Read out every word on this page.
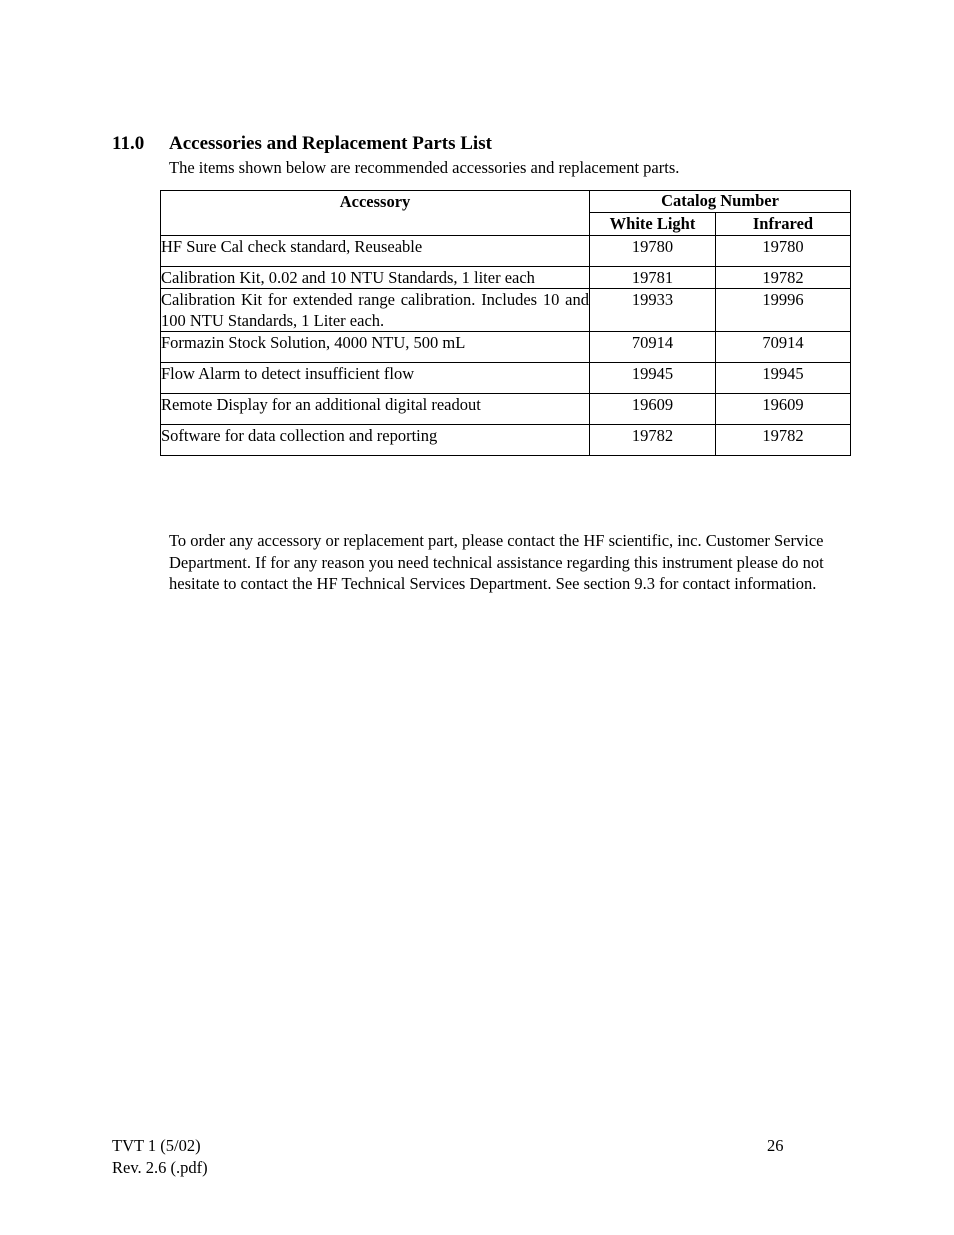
11.0 Accessories and Replacement Parts List
The items shown below are recommended accessories and replacement parts.
Accessory	Catalog Number	
	White Light	Infrared
HF Sure Cal check standard, Reuseable	19780	19780
Calibration Kit, 0.02 and 10 NTU Standards, 1 liter each	19781	19782
Calibration Kit for extended range calibration. Includes 10 and 100 NTU Standards, 1 Liter each.	19933	19996
Formazin Stock Solution, 4000 NTU, 500 mL	70914	70914
Flow Alarm to detect insufficient flow	19945	19945
Remote Display for an additional digital readout	19609	19609
Software for data collection and reporting	19782	19782

To order any accessory or replacement part, please contact the HF scientific, inc. Customer Service Department. If for any reason you need technical assistance regarding this instrument please do not hesitate to contact the HF Technical Services Department. See section 9.3 for contact information.

TVT 1 (5/02)
Rev. 2.6 (.pdf)
26
